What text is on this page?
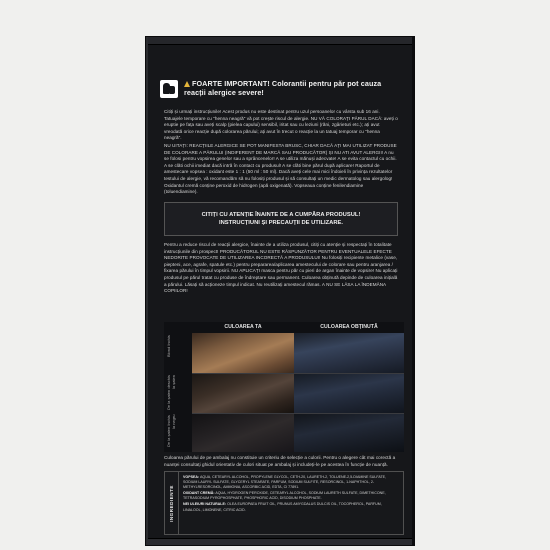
FOARTE IMPORTANT! Colorantii pentru păr pot cauza reacții alergice severe!
Citiți și urmați instrucțiunile! Acest produs nu este destinat pentru uzul persoanelor cu vârsta sub 16 ani. Tatuajele temporare cu "henna neagră" vă pot crește riscul de alergie. NU VĂ COLORAȚI PĂRUL DACĂ: aveți o eruptie pe fața sau aveți scalp (pielea capului) sensibil, iritat sau cu leziuni (răni, zgârieturi etc.); ați avut vreodată orice reacție după colorarea părului; ați avut în trecut o reacție la un tatuaj temporar cu "henna neagră".
NU UITAȚI: REACȚIILE ALERGICE SE POT MANIFESTA BRUSC, CHIAR DACĂ AȚI MAI UTILIZAT PRODUSE DE COLORARE A PĂRULUI (INDIFERENT DE MARCĂ SAU PRODUCĂTOR) ȘI NU ATI AVUT ALERGII! A nu se folosi pentru vopsirea genelor sau a sprâncenelor! A se utiliza mănuși adecvate! A se evita contactul cu ochii. A se clăti ochii imediat dacă intră în contact cu produsul! A se clăti bine părul după aplicare! Raportul de amestecare vopsea : oxidant este 1 : 1 (50 ml : 50 ml). Dacă aveți cele mai mici îndoieli în privința rezultatelor testului de alergie, vă recomandăm să nu folosiți produsul și să consultați un medic dermatolog sau alergolog! Oxidantul cremă conține peroxid de hidrogen (apă oxigenată). Vopseaua conține fenilendiamine (toluendiamine).
CITIȚI CU ATENȚIE ÎNAINTE DE A CUMPĂRA PRODUSUL!
INSTRUCȚIUNI ȘI PRECAUȚII DE UTILIZARE.
Pentru a reduce riscul de reacții alergice, înainte de a utiliza produsul, citiți cu atenție și respectați în totalitate instrucțiunile din prospect! PRODUCĂTORUL NU ESTE RĂSPUNZĂTOR PENTRU EVENTUALELE EFECTE NEDORITE PROVOCATE DE UTILIZAREA INCORECTĂ A PRODUSULUI! Nu folosiți recipiente metalice (vase, piepteni, ace, agrafe, spatule etc.) pentru prepararea/aplicarea amestecului de colorare sau pentru aranjarea / fixarea părului în timpul vopsirii. NU APLICAȚI masca pentru păr cu pieri de argan înainte de vopsire! Nu aplicați produsul pe părul tratat cu produse de îndreptare sau permanent. Culoarea obținută depinde de culoarea inițială a părului. Lăsați să acționeze timpul indicat. Nu reutilizați amestecul rămas. A NU SE LĂSA LA ÎNDEMÂNA COPIILOR!
CULOAREA TA	CULOAREA OBȚINUTĂ
Blond închis
De la șaten deschis la șaten
De la șaten închis la negru
Culoarea părului de pe ambalaj nu constituie un criteriu de selecție a culorii. Pentru o alegere cât mai corectă a nuanței consultați ghidul orientativ de culori situat pe ambalaj și includeți-le pe acestea în funcție de nuanță.
INGREDIENTE
VOPSEA: AQUA, CETEARYL ALCOHOL, PROPYLENE GLYCOL, CETH-20, LAURETH-2, TOLUENE-2,5-DIAMINE SULFATE, SODIUM LAURYL SULFATE, GLYCERYL STEARATE, PARFUM, SODIUM SULFITE, RESORCINOL, 1-NAPHTHOL, 2-METHYLRESORCINOL, AMMONIA, ASCORBIC ACID, EDTA, CI 77891.
OXIDANT CREMĂ: AQUA, HYDROGEN PEROXIDE, CETEARYL ALCOHOL, SODIUM LAURETH SULFATE, DIMETHICONE, TETRASODIUM PYROPHOSPHATE, PHOSPHORIC ACID, DISODIUM PHOSPHATE.
NEI ULEIURI NATURALE: OLEA EUROPAEA FRUIT OIL, PRUNUS AMYGDALUS DULCIS OIL, TOCOPHEROL, PARFUM, LINALOOL, LIMONENE, CITRIC ACID.
